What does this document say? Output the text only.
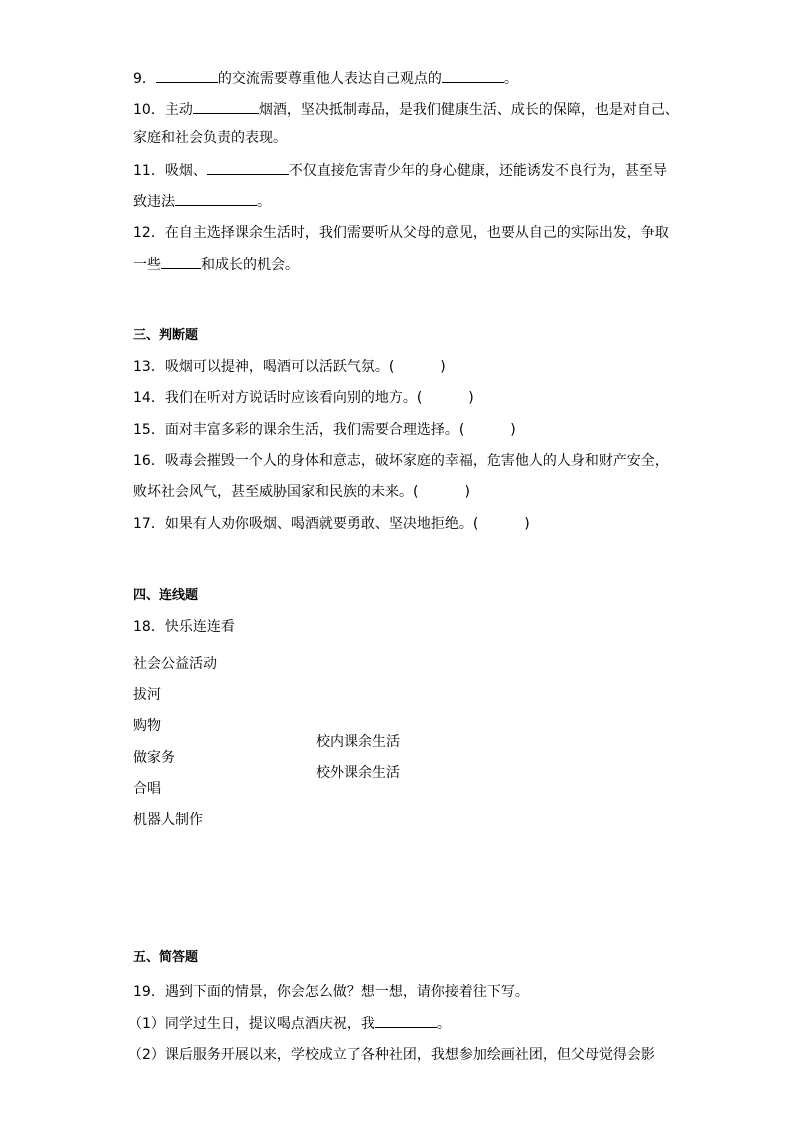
9．	的交流需要尊重他人表达自己观点的	。
10．主动	烟酒，坚决抵制毒品，是我们健康生活、成长的保障，也是对自己、
家庭和社会负责的表现。
11．吸烟、	不仅直接危害青少年的身心健康，还能诱发不良行为，甚至导
致违法	。
12．在自主选择课余生活时，我们需要听从父母的意见，也要从自己的实际出发，争取
一些	和成长的机会。
三、判断题
13．吸烟可以提神，喝酒可以活跃气氛。(	)
14．我们在听对方说话时应该看向别的地方。(	)
15．面对丰富多彩的课余生活，我们需要合理选择。(	)
16．吸毒会摧毁一个人的身体和意志，破坏家庭的幸福，危害他人的人身和财产安全，
败坏社会风气，甚至威胁国家和民族的未来。(	)
17．如果有人劝你吸烟、喝酒就要勇敢、坚决地拒绝。(	)
四、连线题
18．快乐连连看
社会公益活动
拔河
购物
做家务
合唱
机器人制作
校内课余生活
校外课余生活
五、简答题
19．遇到下面的情景，你会怎么做？想一想，请你接着往下写。
（1）同学过生日，提议喝点酒庆祝，我	。
（2）课后服务开展以来，学校成立了各种社团，我想参加绘画社团，但父母觉得会影
